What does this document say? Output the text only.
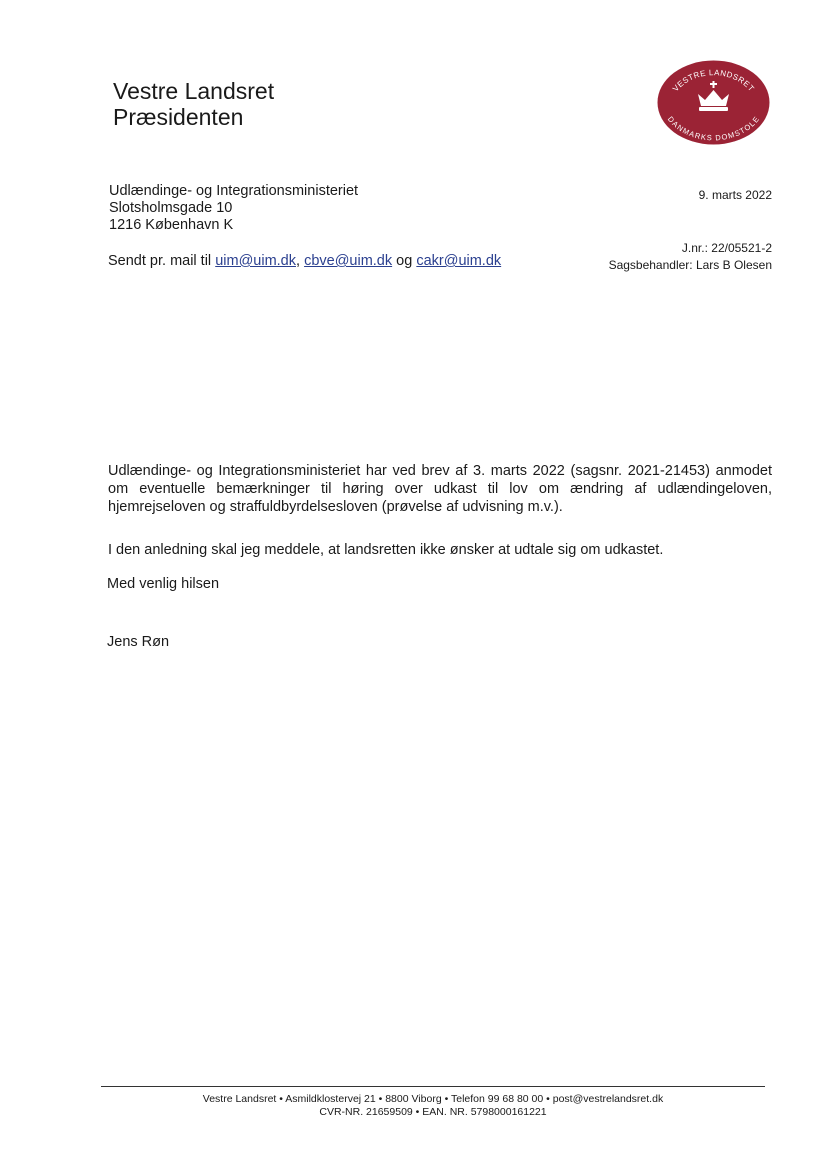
Vestre Landsret
Præsidenten
VESTRE LANDSRET
DANMARKS DOMSTOLE
Udlændinge- og Integrationsministeriet
Slotsholmsgade 10
1216 København K
9. marts 2022
J.nr.: 22/05521-2
Sagsbehandler: Lars B Olesen
Sendt pr. mail til uim@uim.dk, cbve@uim.dk og cakr@uim.dk
Udlændinge- og Integrationsministeriet har ved brev af 3. marts 2022 (sagsnr. 2021-21453) anmodet om eventuelle bemærkninger til høring over udkast til lov om ændring af udlændingeloven, hjemrejseloven og straffuldbyrdelsesloven (prøvelse af udvisning m.v.).
I den anledning skal jeg meddele, at landsretten ikke ønsker at udtale sig om udkastet.
Med venlig hilsen
Jens Røn
Vestre Landsret • Asmildklostervej 21 • 8800 Viborg • Telefon 99 68 80 00 • post@vestrelandsret.dk
CVR-NR. 21659509 • EAN. NR. 5798000161221
